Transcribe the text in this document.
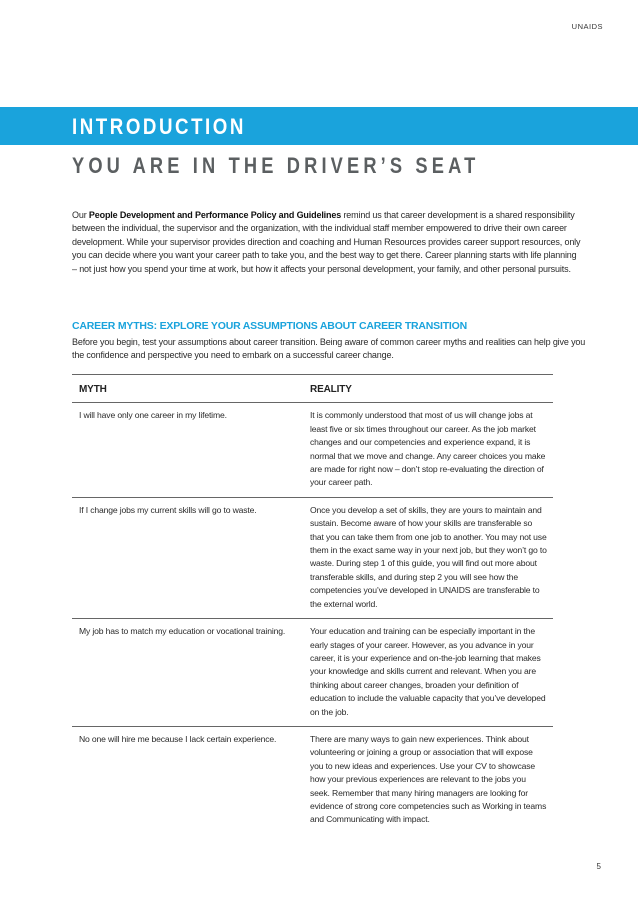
UNAIDS
INTRODUCTION
YOU ARE IN THE DRIVER’S SEAT

Our People Development and Performance Policy and Guidelines remind us that career development is a shared responsibility between the individual, the supervisor and the organization, with the individual staff member empowered to drive their own career development. While your supervisor provides direction and coaching and Human Resources provides career support resources, only you can decide where you want your career path to take you, and the best way to get there. Career planning starts with life planning – not just how you spend your time at work, but how it affects your personal development, your family, and other personal pursuits.

CAREER MYTHS: EXPLORE YOUR ASSUMPTIONS ABOUT CAREER TRANSITION

Before you begin, test your assumptions about career transition. Being aware of common career myths and realities can help give you the confidence and perspective you need to embark on a successful career change.

MYTH	REALITY
I will have only one career in my lifetime.	It is commonly understood that most of us will change jobs at least five or six times throughout our career. As the job market changes and our competencies and experience expand, it is normal that we move and change. Any career choices you make are made for right now – don’t stop re-evaluating the direction of your career path.
If I change jobs my current skills will go to waste.	Once you develop a set of skills, they are yours to maintain and sustain. Become aware of how your skills are transferable so that you can take them from one job to another. You may not use them in the exact same way in your next job, but they won’t go to waste. During step 1 of this guide, you will find out more about transferable skills, and during step 2 you will see how the competencies you’ve developed in UNAIDS are transferable to the external world.
My job has to match my education or vocational training.	Your education and training can be especially important in the early stages of your career. However, as you advance in your career, it is your experience and on-the-job learning that makes your knowledge and skills current and relevant. When you are thinking about career changes, broaden your definition of education to include the valuable capacity that you’ve developed on the job.
No one will hire me because I lack certain experience.	There are many ways to gain new experiences. Think about volunteering or joining a group or association that will expose you to new ideas and experiences. Use your CV to showcase how your previous experiences are relevant to the jobs you seek. Remember that many hiring managers are looking for evidence of strong core competencies such as Working in teams and Communicating with impact.
5
